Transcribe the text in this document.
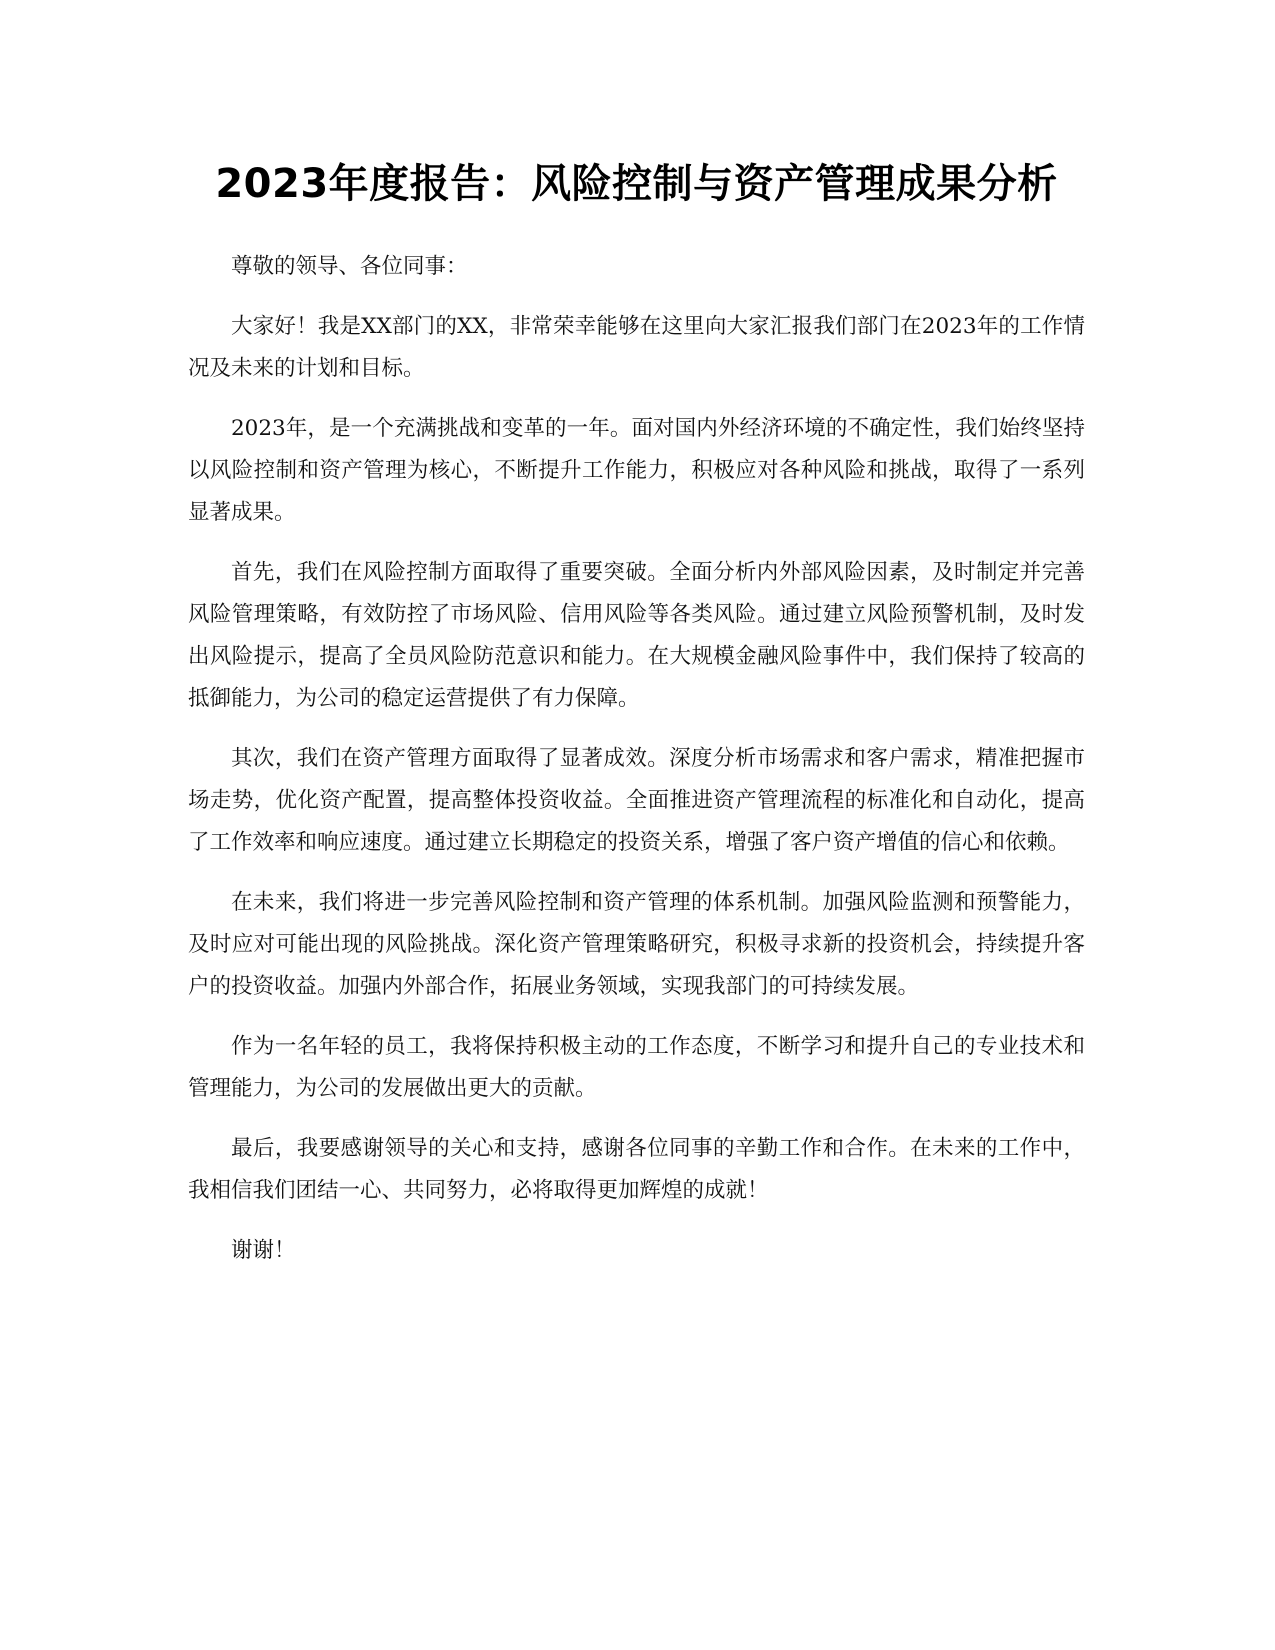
2023年度报告：风险控制与资产管理成果分析

尊敬的领导、各位同事：

大家好！我是XX部门的XX，非常荣幸能够在这里向大家汇报我们部门在2023年的工作情况及未来的计划和目标。

2023年，是一个充满挑战和变革的一年。面对国内外经济环境的不确定性，我们始终坚持以风险控制和资产管理为核心，不断提升工作能力，积极应对各种风险和挑战，取得了一系列显著成果。

首先，我们在风险控制方面取得了重要突破。全面分析内外部风险因素，及时制定并完善风险管理策略，有效防控了市场风险、信用风险等各类风险。通过建立风险预警机制，及时发出风险提示，提高了全员风险防范意识和能力。在大规模金融风险事件中，我们保持了较高的抵御能力，为公司的稳定运营提供了有力保障。

其次，我们在资产管理方面取得了显著成效。深度分析市场需求和客户需求，精准把握市场走势，优化资产配置，提高整体投资收益。全面推进资产管理流程的标准化和自动化，提高了工作效率和响应速度。通过建立长期稳定的投资关系，增强了客户资产增值的信心和依赖。

在未来，我们将进一步完善风险控制和资产管理的体系机制。加强风险监测和预警能力，及时应对可能出现的风险挑战。深化资产管理策略研究，积极寻求新的投资机会，持续提升客户的投资收益。加强内外部合作，拓展业务领域，实现我部门的可持续发展。

作为一名年轻的员工，我将保持积极主动的工作态度，不断学习和提升自己的专业技术和管理能力，为公司的发展做出更大的贡献。

最后，我要感谢领导的关心和支持，感谢各位同事的辛勤工作和合作。在未来的工作中，我相信我们团结一心、共同努力，必将取得更加辉煌的成就！

谢谢！
